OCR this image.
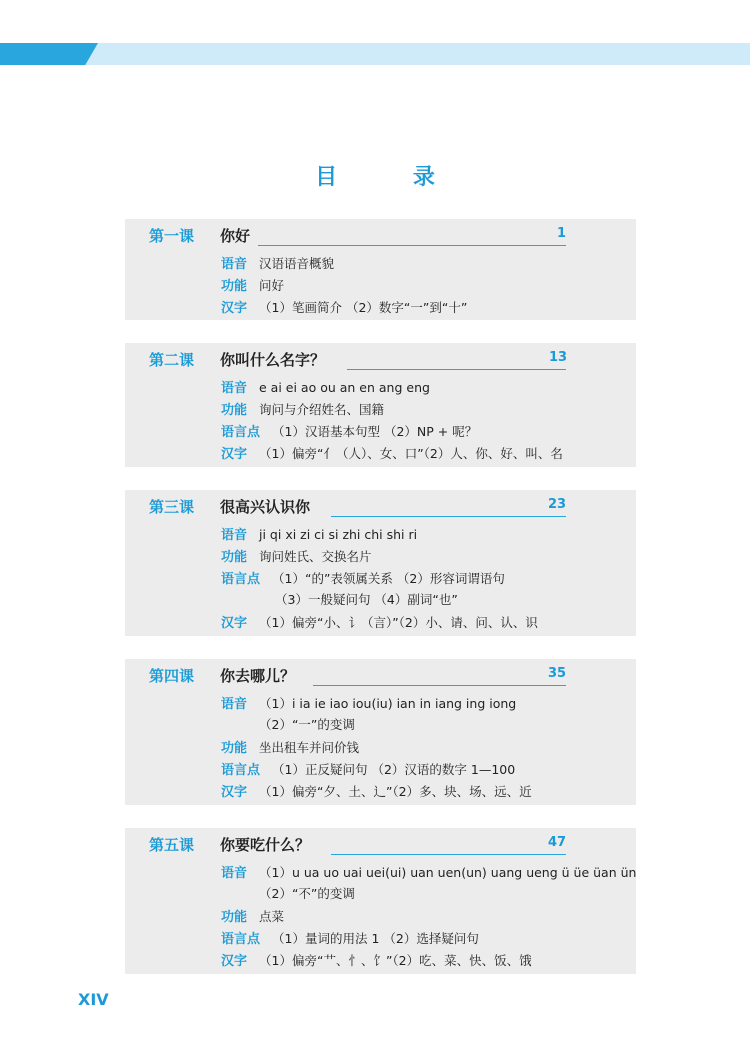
目 录
第一课 你好	1
语音 汉语语音概貌
功能 问好
汉字 （1）笔画简介 （2）数字“一”到“十”
第二课 你叫什么名字？	13
语音 e ai ei ao ou an en ang eng
功能 询问与介绍姓名、国籍
语言点 （1）汉语基本句型 （2）NP + 呢？
汉字 （1）偏旁“亻（人）、女、口”（2）人、你、好、叫、名
第三课 很高兴认识你	23
语音 ji qi xi zi ci si zhi chi shi ri
功能 询问姓氏、交换名片
语言点 （1）“的”表领属关系 （2）形容词谓语句
（3）一般疑问句 （4）副词“也”
汉字 （1）偏旁“小、讠（言）”（2）小、请、问、认、识
第四课 你去哪儿？	35
语音 （1）i ia ie iao iou(iu) ian in iang ing iong
（2）“一”的变调
功能 坐出租车并问价钱
语言点 （1）正反疑问句 （2）汉语的数字 1—100
汉字 （1）偏旁“夕、土、辶”（2）多、块、场、远、近
第五课 你要吃什么？	47
语音 （1）u ua uo uai uei(ui) uan uen(un) uang ueng ü üe üan ün
（2）“不”的变调
功能 点菜
语言点 （1）量词的用法 1 （2）选择疑问句
汉字 （1）偏旁“艹、忄、饣”（2）吃、菜、快、饭、饿
XIV
